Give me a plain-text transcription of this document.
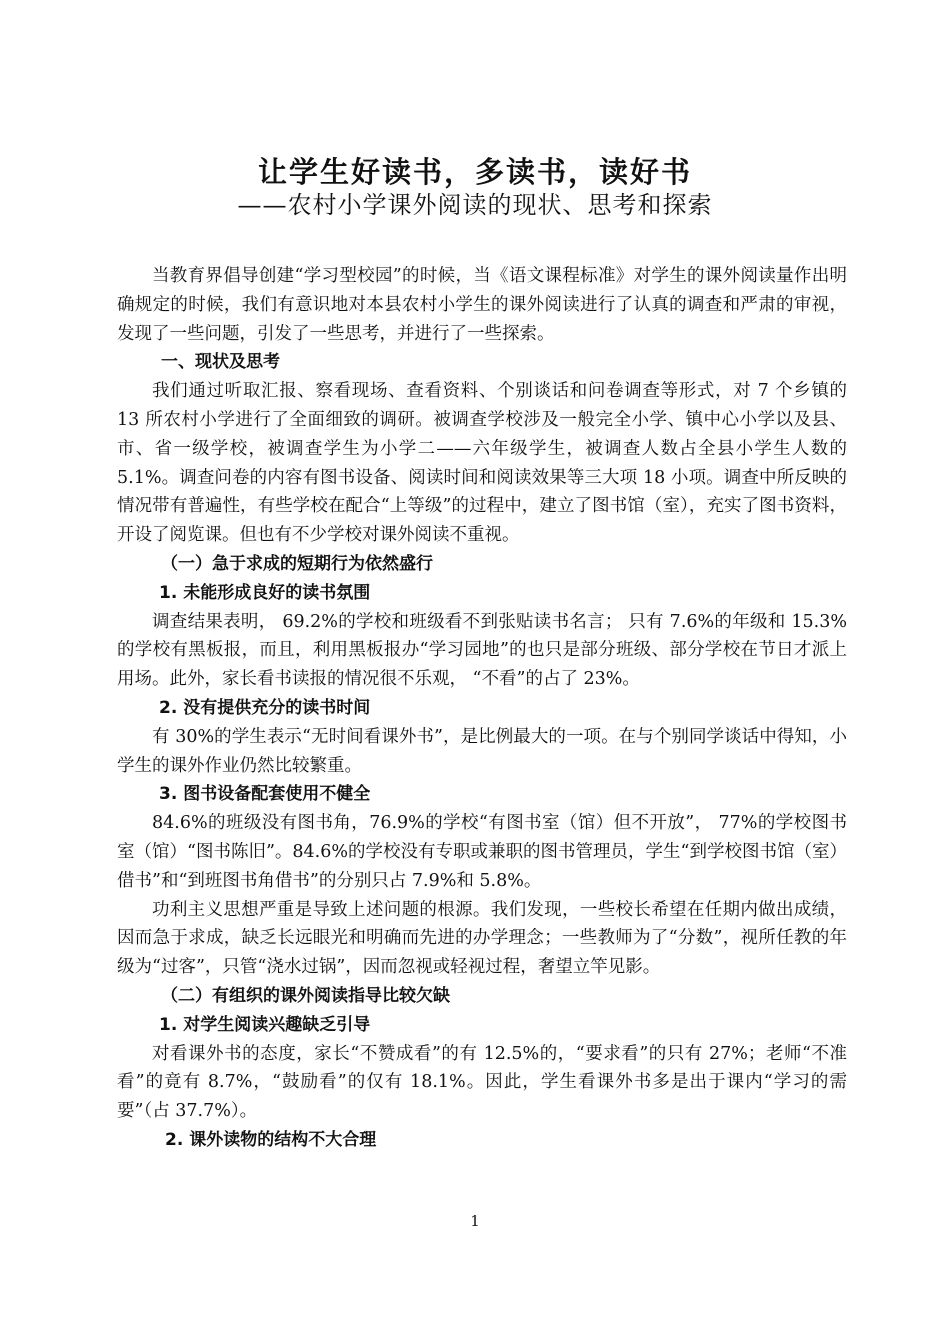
让学生好读书，多读书，读好书
——农村小学课外阅读的现状、思考和探索

当教育界倡导创建“学习型校园”的时候，当《语文课程标准》对学生的课外阅读量作出明确规定的时候，我们有意识地对本县农村小学生的课外阅读进行了认真的调查和严肃的审视，发现了一些问题，引发了一些思考，并进行了一些探索。

一、现状及思考

我们通过听取汇报、察看现场、查看资料、个别谈话和问卷调查等形式，对 7 个乡镇的 13 所农村小学进行了全面细致的调研。被调查学校涉及一般完全小学、镇中心小学以及县、市、省一级学校，被调查学生为小学二——六年级学生，被调查人数占全县小学生人数的 5.1%。调查问卷的内容有图书设备、阅读时间和阅读效果等三大项 18 小项。调查中所反映的情况带有普遍性，有些学校在配合“上等级”的过程中，建立了图书馆（室），充实了图书资料，开设了阅览课。但也有不少学校对课外阅读不重视。

（一）急于求成的短期行为依然盛行
1. 未能形成良好的读书氛围

调查结果表明， 69.2%的学校和班级看不到张贴读书名言； 只有 7.6%的年级和 15.3%的学校有黑板报，而且，利用黑板报办“学习园地”的也只是部分班级、部分学校在节日才派上用场。此外，家长看书读报的情况很不乐观， “不看”的占了 23%。

2. 没有提供充分的读书时间

有 30%的学生表示“无时间看课外书”，是比例最大的一项。在与个别同学谈话中得知，小学生的课外作业仍然比较繁重。

3. 图书设备配套使用不健全

84.6%的班级没有图书角，76.9%的学校“有图书室（馆）但不开放”， 77%的学校图书室（馆）“图书陈旧”。84.6%的学校没有专职或兼职的图书管理员，学生“到学校图书馆（室）借书”和“到班图书角借书”的分别只占 7.9%和 5.8%。

功利主义思想严重是导致上述问题的根源。我们发现，一些校长希望在任期内做出成绩，因而急于求成，缺乏长远眼光和明确而先进的办学理念；一些教师为了“分数”，视所任教的年级为“过客”，只管“浇水过锅”，因而忽视或轻视过程，奢望立竿见影。

（二）有组织的课外阅读指导比较欠缺
1. 对学生阅读兴趣缺乏引导

对看课外书的态度，家长“不赞成看”的有 12.5%的，“要求看”的只有 27%；老师“不准看”的竟有 8.7%，“鼓励看”的仅有 18.1%。因此，学生看课外书多是出于课内“学习的需要”（占 37.7%）。

2. 课外读物的结构不大合理
1
